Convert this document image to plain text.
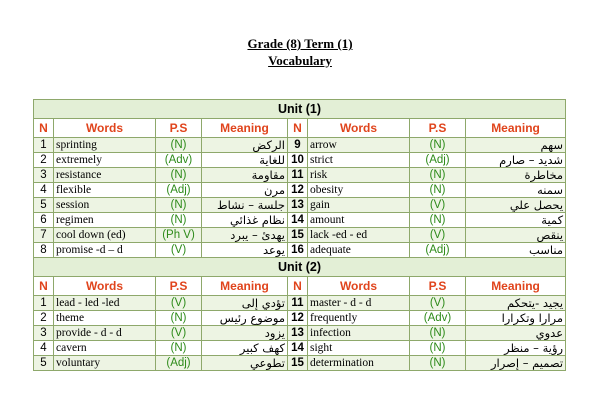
Grade (8) Term (1)
Vocabulary
Unit (1)							
N	Words	P.S	Meaning	N	Words	P.S	Meaning
1	sprinting	(N)	الركض	9	arrow	(N)	سهم
2	extremely	(Adv)	للغاية	10	strict	(Adj)	شديد – صارم
3	resistance	(N)	مقاومة	11	risk	(N)	مخاطرة
4	flexible	(Adj)	مرن	12	obesity	(N)	سمنه
5	session	(N)	جلسة – نشاط	13	gain	(V)	يحصل علي
6	regimen	(N)	نظام غذائي	14	amount	(N)	كمية
7	cool down (ed)	(Ph V)	يهدئ – يبرد	15	lack -ed - ed	(V)	ينقص
8	promise -d – d	(V)	يوعد	16	adequate	(Adj)	مناسب
Unit (2)							
N	Words	P.S	Meaning	N	Words	P.S	Meaning
1	lead - led -led	(V)	تؤدي إلى	11	master - d - d	(V)	يجيد -يتحكم
2	theme	(N)	موضوع رئيس	12	frequently	(Adv)	مرارا وتكرارا
3	provide - d - d	(V)	يزود	13	infection	(N)	عدوي
4	cavern	(N)	كهف كبير	14	sight	(N)	رؤية – منظر
5	voluntary	(Adj)	تطوعي	15	determination	(N)	تصميم – إصرار
